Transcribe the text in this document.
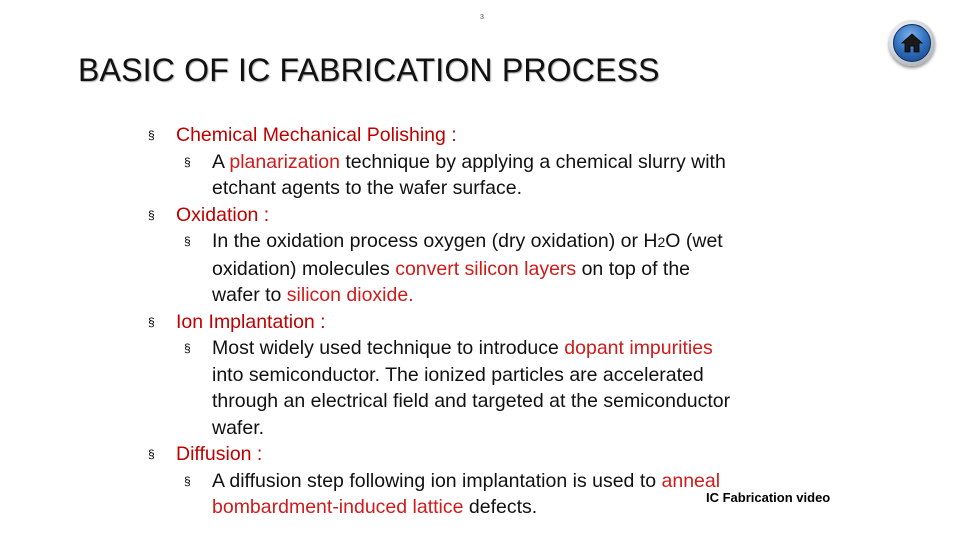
3
BASIC OF IC FABRICATION PROCESS
§ Chemical Mechanical Polishing :
§ A planarization technique by applying a chemical slurry with
etchant agents to the wafer surface.
§ Oxidation :
§ In the oxidation process oxygen (dry oxidation) or H2O (wet
oxidation) molecules convert silicon layers on top of the
wafer to silicon dioxide.
§ Ion Implantation :
§ Most widely used technique to introduce dopant impurities
into semiconductor. The ionized particles are accelerated
through an electrical field and targeted at the semiconductor
wafer.
§ Diffusion :
§ A diffusion step following ion implantation is used to anneal
bombardment-induced lattice defects.	IC Fabrication video
